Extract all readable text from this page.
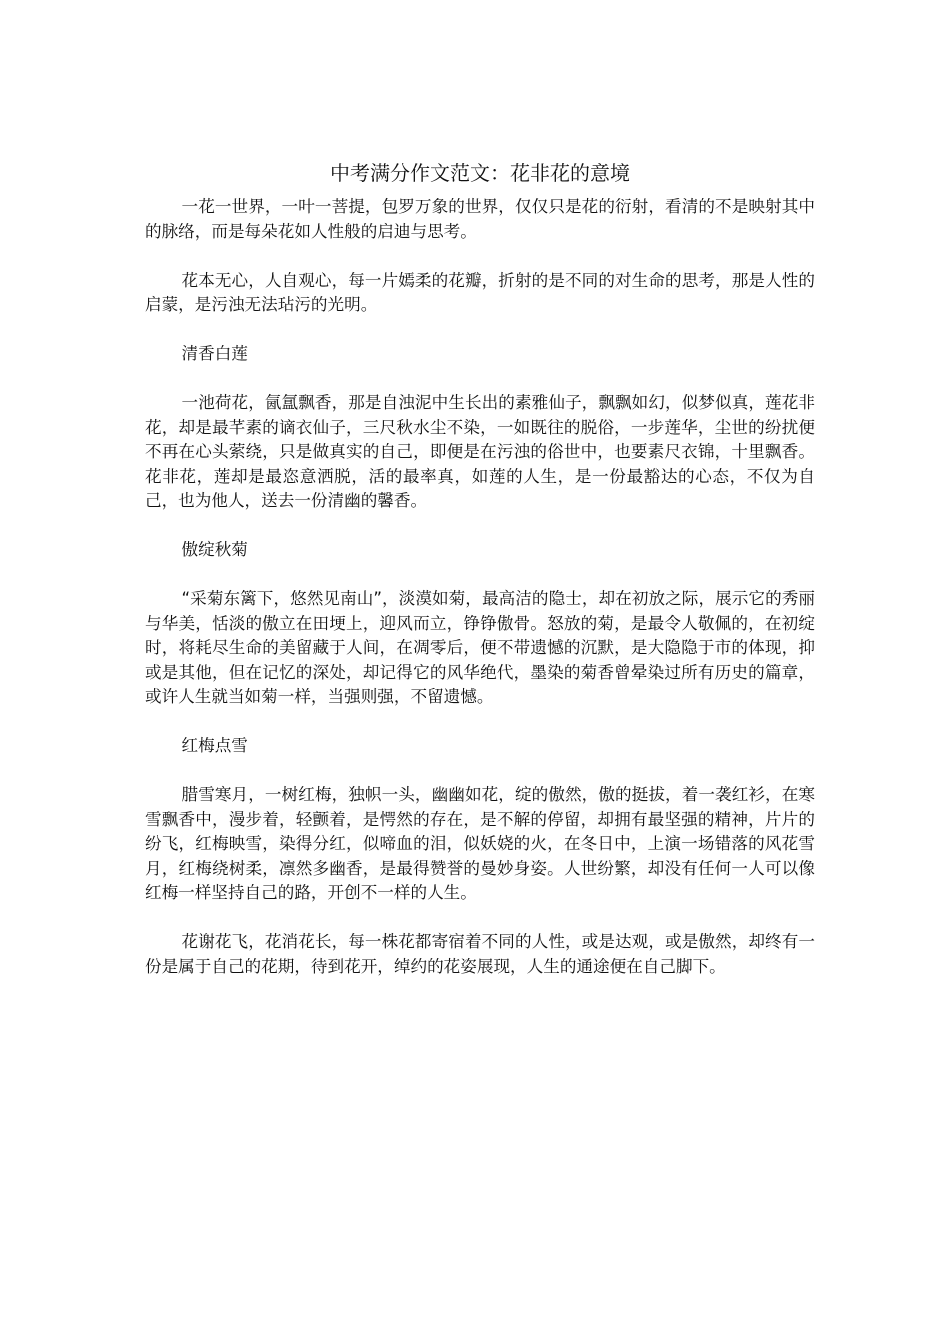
中考满分作文范文：花非花的意境

一花一世界，一叶一菩提，包罗万象的世界，仅仅只是花的衍射，看清的不是映射其中的脉络，而是每朵花如人性般的启迪与思考。

花本无心，人自观心，每一片嫣柔的花瓣，折射的是不同的对生命的思考，那是人性的启蒙，是污浊无法玷污的光明。

清香白莲

一池荷花，氤氲飘香，那是自浊泥中生长出的素雅仙子，飘飘如幻，似梦似真，莲花非花，却是最芊素的谪衣仙子，三尺秋水尘不染，一如既往的脱俗，一步莲华，尘世的纷扰便不再在心头萦绕，只是做真实的自己，即便是在污浊的俗世中，也要素尺衣锦，十里飘香。花非花，莲却是最恣意洒脱，活的最率真，如莲的人生，是一份最豁达的心态，不仅为自己，也为他人，送去一份清幽的馨香。

傲绽秋菊

“采菊东篱下，悠然见南山”，淡漠如菊，最高洁的隐士，却在初放之际，展示它的秀丽与华美，恬淡的傲立在田埂上，迎风而立，铮铮傲骨。怒放的菊，是最令人敬佩的，在初绽时，将耗尽生命的美留藏于人间，在凋零后，便不带遗憾的沉默，是大隐隐于市的体现，抑或是其他，但在记忆的深处，却记得它的风华绝代，墨染的菊香曾晕染过所有历史的篇章，或许人生就当如菊一样，当强则强，不留遗憾。

红梅点雪

腊雪寒月，一树红梅，独帜一头，幽幽如花，绽的傲然，傲的挺拔，着一袭红衫，在寒雪飘香中，漫步着，轻颤着，是愕然的存在，是不解的停留，却拥有最坚强的精神，片片的纷飞，红梅映雪，染得分红，似啼血的泪，似妖娆的火，在冬日中，上演一场错落的风花雪月，红梅绕树柔，凛然多幽香，是最得赞誉的曼妙身姿。人世纷繁，却没有任何一人可以像红梅一样坚持自己的路，开创不一样的人生。

花谢花飞，花消花长，每一株花都寄宿着不同的人性，或是达观，或是傲然，却终有一份是属于自己的花期，待到花开，绰约的花姿展现，人生的通途便在自己脚下。
